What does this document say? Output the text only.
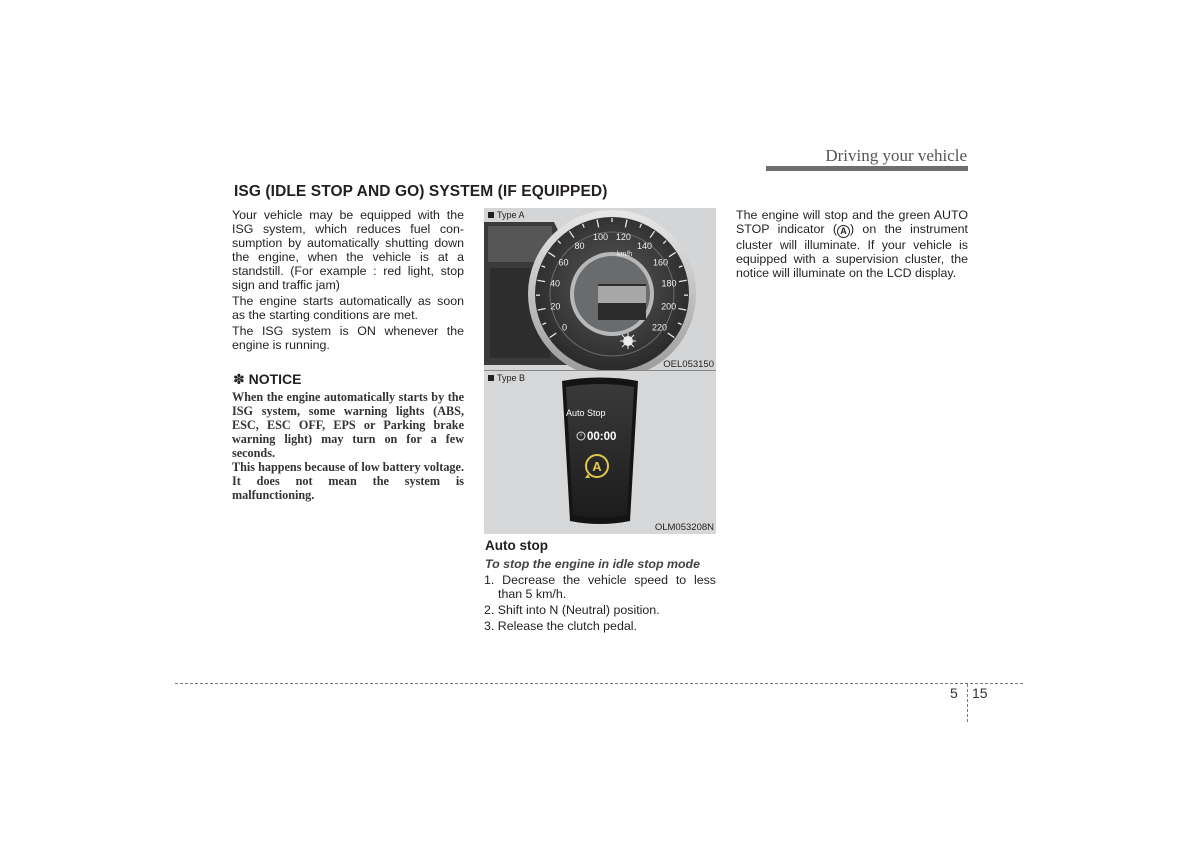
Driving your vehicle
ISG (IDLE STOP AND GO) SYSTEM (IF EQUIPPED)

Your vehicle may be equipped with the ISG system, which reduces fuel con-sumption by automatically shutting down the engine, when the vehicle is at a standstill. (For example : red light, stop sign and traffic jam)

The engine starts automatically as soon as the starting conditions are met.

The ISG system is ON whenever the engine is running.

✽ NOTICE

When the engine automatically starts by the ISG system, some warning lights (ABS, ESC, ESC OFF, EPS or Parking brake warning light) may turn on for a few seconds.

This happens because of low battery voltage. It does not mean the system is malfunctioning.

Type A
km/h
0
20
40
60
80
100 120
140
160
180
200
220
OEL053150
Type B
Auto Stop
00:00
A
OLM053208N
Auto stop
To stop the engine in idle stop mode
1. Decrease the vehicle speed to less than 5 km/h.
2. Shift into N (Neutral) position.
3. Release the clutch pedal.

The engine will stop and the green AUTO STOP indicator ( A ) on the instrument cluster will illuminate. If your vehicle is equipped with a supervision cluster, the notice will illuminate on the LCD display.

5 15
